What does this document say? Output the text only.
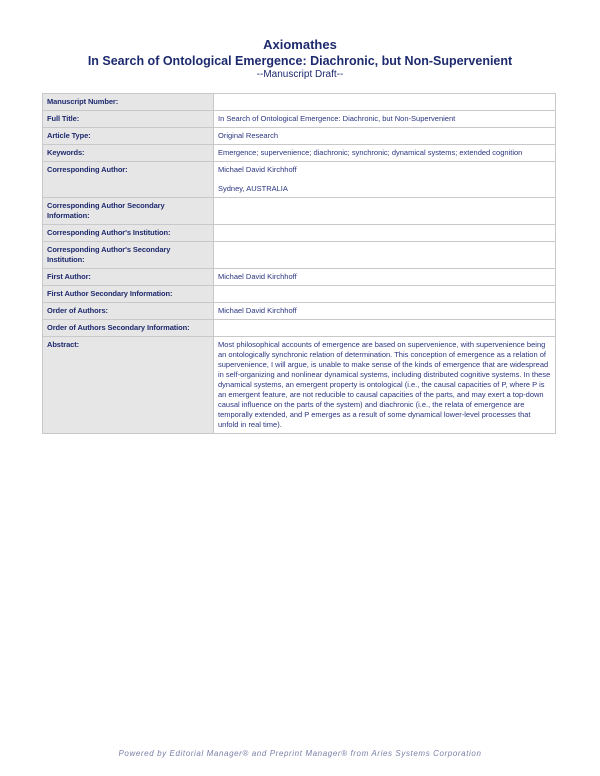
Axiomathes
In Search of Ontological Emergence: Diachronic, but Non-Supervenient
--Manuscript Draft--
Manuscript Number:	
Full Title:	In Search of Ontological Emergence: Diachronic, but Non-Supervenient
Article Type:	Original Research
Keywords:	Emergence; supervenience; diachronic; synchronic; dynamical systems; extended cognition
Corresponding Author:	Michael David Kirchhoff
Sydney, AUSTRALIA

Corresponding Author Secondary Information:	
Corresponding Author's Institution:	
Corresponding Author's Secondary Institution:	
First Author:	Michael David Kirchhoff
First Author Secondary Information:	
Order of Authors:	Michael David Kirchhoff
Order of Authors Secondary Information:	
Abstract:	Most philosophical accounts of emergence are based on supervenience, with supervenience being an ontologically synchronic relation of determination. This conception of emergence as a relation of supervenience, I will argue, is unable to make sense of the kinds of emergence that are widespread in self-organizing and nonlinear dynamical systems, including distributed cognitive systems. In these dynamical systems, an emergent property is ontological (i.e., the causal capacities of P, where P is an emergent feature, are not reducible to causal capacities of the parts, and may exert a top-down causal influence on the parts of the system) and diachronic (i.e., the relata of emergence are temporally extended, and P emerges as a result of some dynamical lower-level processes that unfold in real time).
Powered by Editorial Manager® and Preprint Manager® from Aries Systems Corporation
